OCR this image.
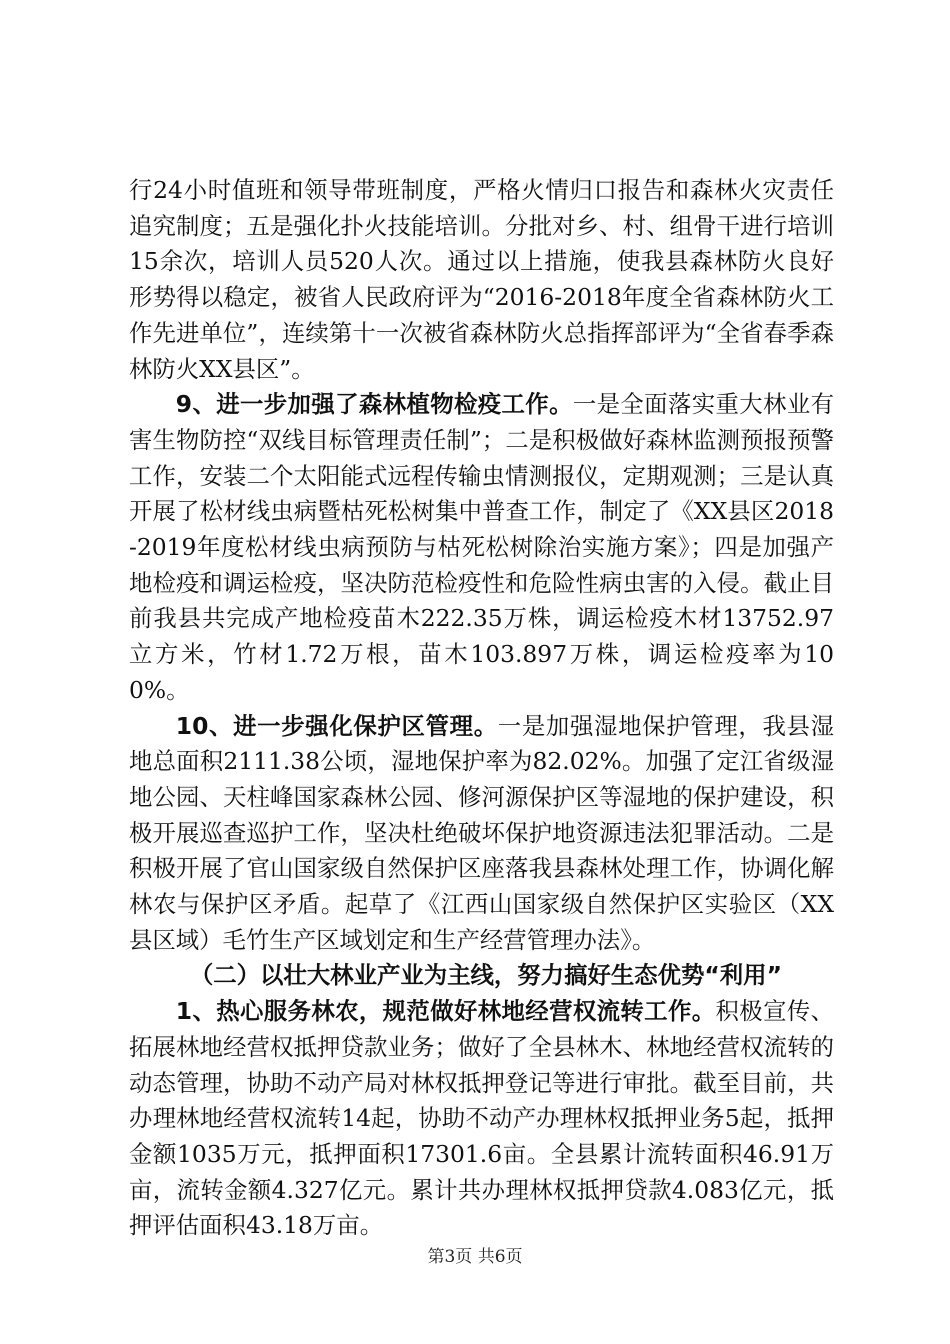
行24小时值班和领导带班制度，严格火情归口报告和森林火灾责任追究制度；五是强化扑火技能培训。分批对乡、村、组骨干进行培训15余次，培训人员520人次。通过以上措施，使我县森林防火良好形势得以稳定，被省人民政府评为“2016-2018年度全省森林防火工作先进单位”，连续第十一次被省森林防火总指挥部评为“全省春季森林防火XX县区”。

9、进一步加强了森林植物检疫工作。一是全面落实重大林业有害生物防控“双线目标管理责任制”；二是积极做好森林监测预报预警工作，安装二个太阳能式远程传输虫情测报仪，定期观测；三是认真开展了松材线虫病暨枯死松树集中普查工作，制定了《XX县区2018-2019年度松材线虫病预防与枯死松树除治实施方案》；四是加强产地检疫和调运检疫，坚决防范检疫性和危险性病虫害的入侵。截止目前我县共完成产地检疫苗木222.35万株，调运检疫木材13752.97立方米，竹材1.72万根，苗木103.897万株，调运检疫率为100%。

10、进一步强化保护区管理。一是加强湿地保护管理，我县湿地总面积2111.38公顷，湿地保护率为82.02%。加强了定江省级湿地公园、天柱峰国家森林公园、修河源保护区等湿地的保护建设，积极开展巡查巡护工作，坚决杜绝破坏保护地资源违法犯罪活动。二是积极开展了官山国家级自然保护区座落我县森林处理工作，协调化解林农与保护区矛盾。起草了《江西山国家级自然保护区实验区（XX县区域）毛竹生产区域划定和生产经营管理办法》。

（二）以壮大林业产业为主线，努力搞好生态优势“利用”

1、热心服务林农，规范做好林地经营权流转工作。积极宣传、拓展林地经营权抵押贷款业务；做好了全县林木、林地经营权流转的动态管理，协助不动产局对林权抵押登记等进行审批。截至目前，共办理林地经营权流转14起，协助不动产办理林权抵押业务5起，抵押金额1035万元，抵押面积17301.6亩。全县累计流转面积46.91万亩，流转金额4.327亿元。累计共办理林权抵押贷款4.083亿元，抵押评估面积43.18万亩。

第3页 共6页
